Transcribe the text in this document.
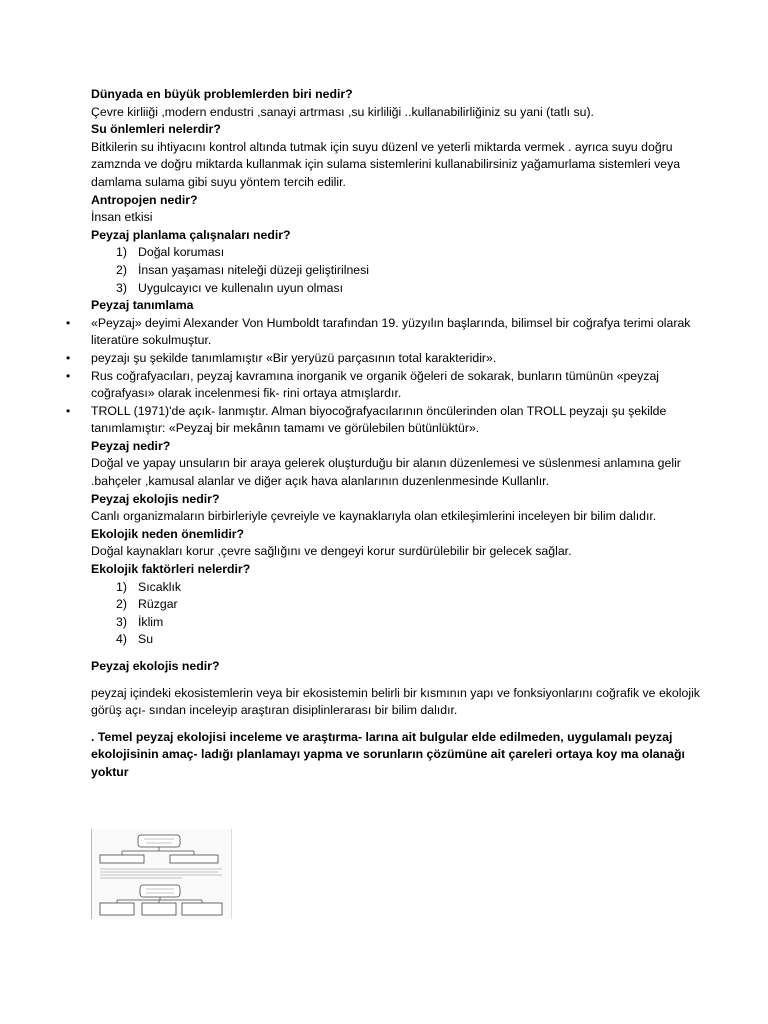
Dünyada en büyük problemlerden biri nedir?
Çevre kirliiği ,modern endustri ,sanayi artrması ,su kirliliği ..kullanabilirliğiniz su yani (tatlı su).
Su önlemleri nelerdir?
Bitkilerin su ihtiyacını kontrol altında tutmak için suyu düzenl ve yeterli miktarda vermek . ayrıca suyu doğru zamznda ve doğru miktarda kullanmak için sulama sistemlerini kullanabilirsiniz yağamurlama sistemleri veya damlama sulama gibi suyu yöntem tercih edilir.
Antropojen nedir?
İnsan etkisi
Peyzaj planlama çalışnaları nedir?
1) Doğal koruması
2) İnsan yaşaması niteleği düzeji geliştirilnesi
3) Uygulcayıcı ve kullenalın uyun olması
Peyzaj tanımlama
• «Peyzaj» deyimi Alexander Von Humboldt tarafından 19. yüzyılın başlarında, bilimsel bir coğrafya terimi olarak literatüre sokulmuştur.
• peyzajı şu şekilde tanımlamıştır «Bir yeryüzü parçasının total karakteridir».
• Rus coğrafyacıları, peyzaj kavramına inorganik ve organik öğeleri de sokarak, bunların tümünün «peyzaj coğrafyası» olarak incelenmesi fik- rini ortaya atmışlardır.
• TROLL (1971)'de açık- lanmıştır. Alman biyocoğrafyacılarının öncülerinden olan TROLL peyzajı şu şekilde tanımlamıştır: «Peyzaj bir mekânın tamamı ve görülebilen bütünlüktür».
Peyzaj nedir?
Doğal ve yapay unsuların bir araya gelerek oluşturduğu bir alanın düzenlemesi ve süslenmesi anlamına gelir .bahçeler ,kamusal alanlar ve diğer açık hava alanlarının duzenlenmesinde Kullanlır.
Peyzaj ekolojis nedir?
Canlı organizmaların birbirleriyle çevreiyle ve kaynaklarıyla olan etkileşimlerini inceleyen bir bilim dalıdır.
Ekolojik neden önemlidir?
Doğal kaynakları korur ,çevre sağlığını ve dengeyi korur surdürülebilir bir gelecek sağlar.
Ekolojik faktörleri nelerdir?
1) Sıcaklık
2) Rüzgar
3) İklim
4) Su
Peyzaj ekolojis nedir?
peyzaj içindeki ekosistemlerin veya bir ekosistemin belirli bir kısmının yapı ve fonksiyonlarını coğrafik ve ekolojik görüş açı- sından inceleyip araştıran disiplinlerarası bir bilim dalıdır.
. Temel peyzaj ekolojisi inceleme ve araştırma- larına ait bulgular elde edilmeden, uygulamalı peyzaj ekolojisinin amaç- ladığı planlamayı yapma ve sorunların çözümüne ait çareleri ortaya koy ma olanağı yoktur
